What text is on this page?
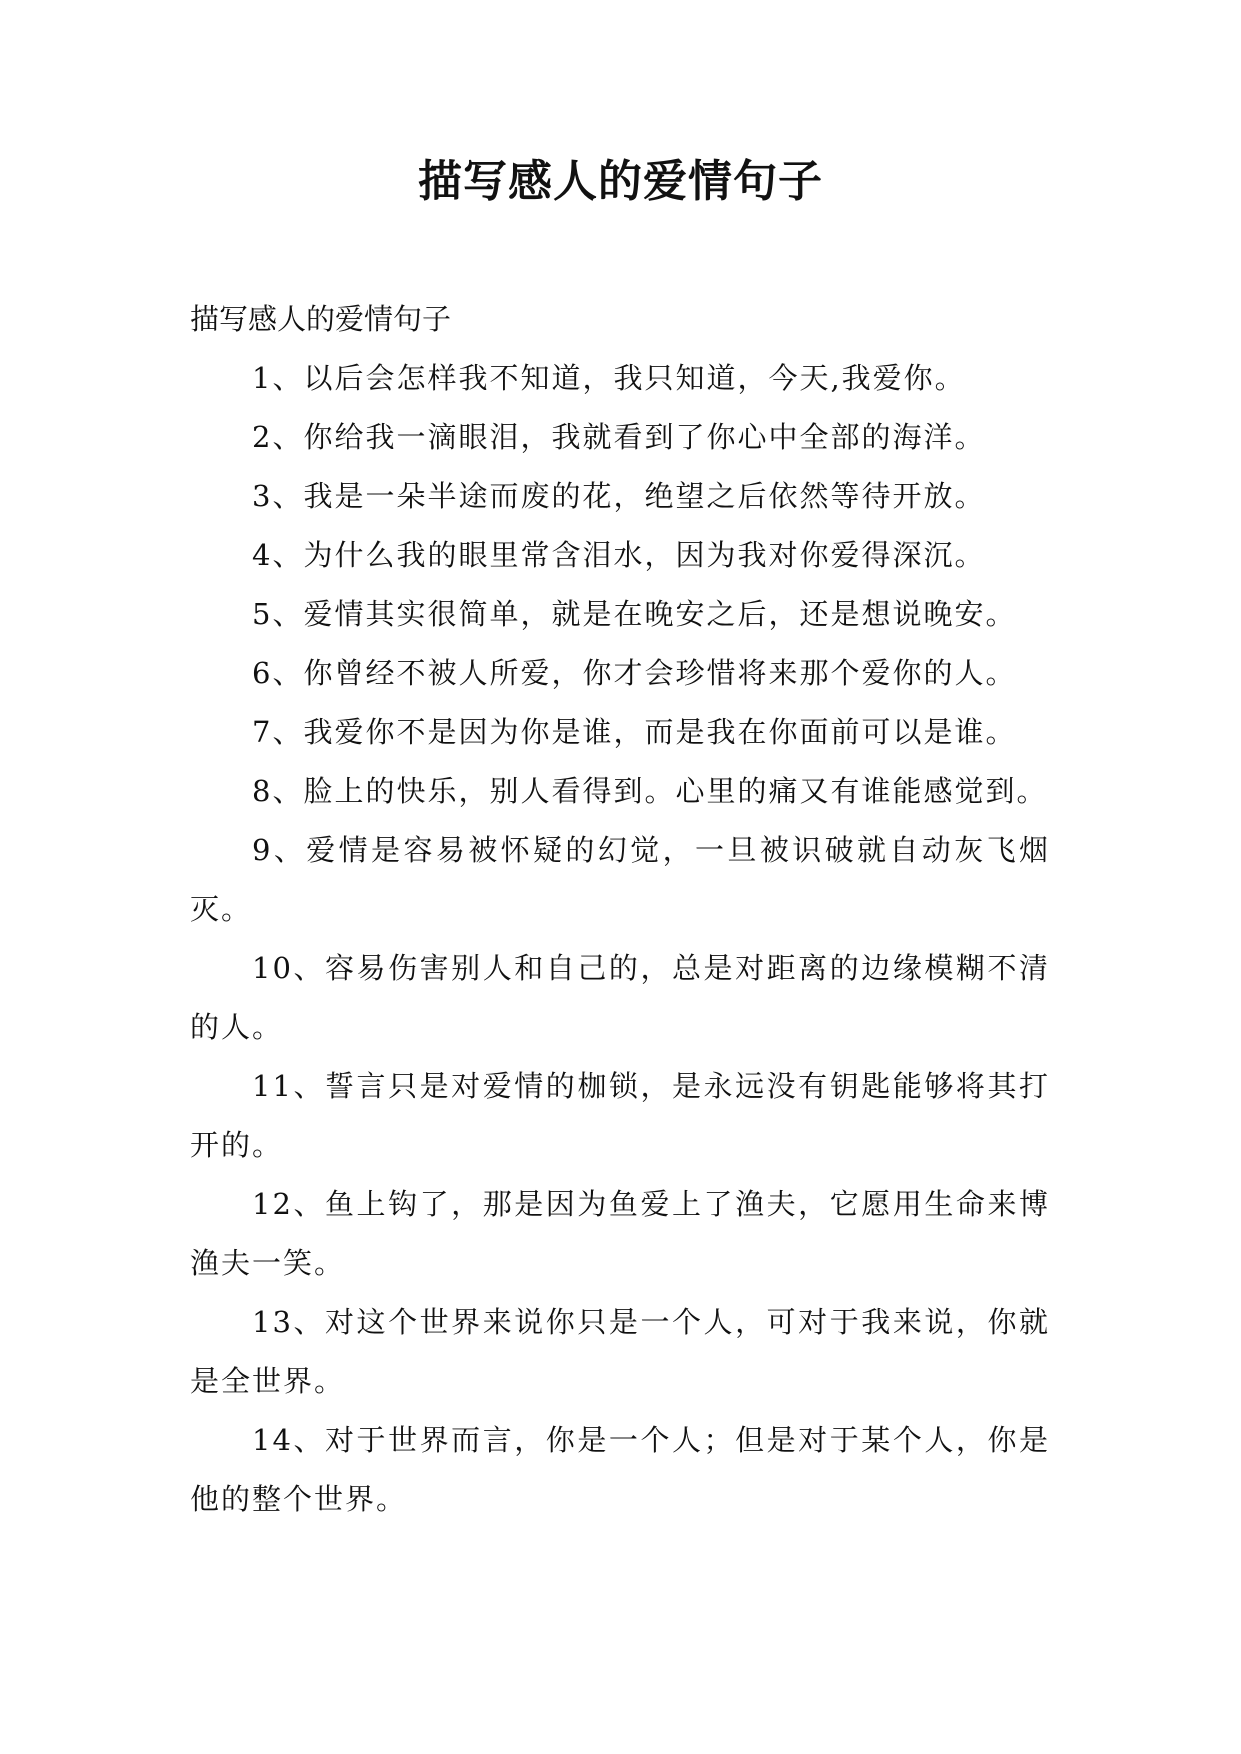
描写感人的爱情句子

描写感人的爱情句子

1、以后会怎样我不知道，我只知道，今天,我爱你。

2、你给我一滴眼泪，我就看到了你心中全部的海洋。

3、我是一朵半途而废的花，绝望之后依然等待开放。

4、为什么我的眼里常含泪水，因为我对你爱得深沉。

5、爱情其实很简单，就是在晚安之后，还是想说晚安。

6、你曾经不被人所爱，你才会珍惜将来那个爱你的人。

7、我爱你不是因为你是谁，而是我在你面前可以是谁。

8、脸上的快乐，别人看得到。心里的痛又有谁能感觉到。

9、爱情是容易被怀疑的幻觉，一旦被识破就自动灰飞烟灭。

10、容易伤害别人和自己的，总是对距离的边缘模糊不清的人。

11、誓言只是对爱情的枷锁，是永远没有钥匙能够将其打开的。

12、鱼上钩了，那是因为鱼爱上了渔夫，它愿用生命来博渔夫一笑。

13、对这个世界来说你只是一个人，可对于我来说，你就是全世界。

14、对于世界而言，你是一个人；但是对于某个人，你是他的整个世界。
